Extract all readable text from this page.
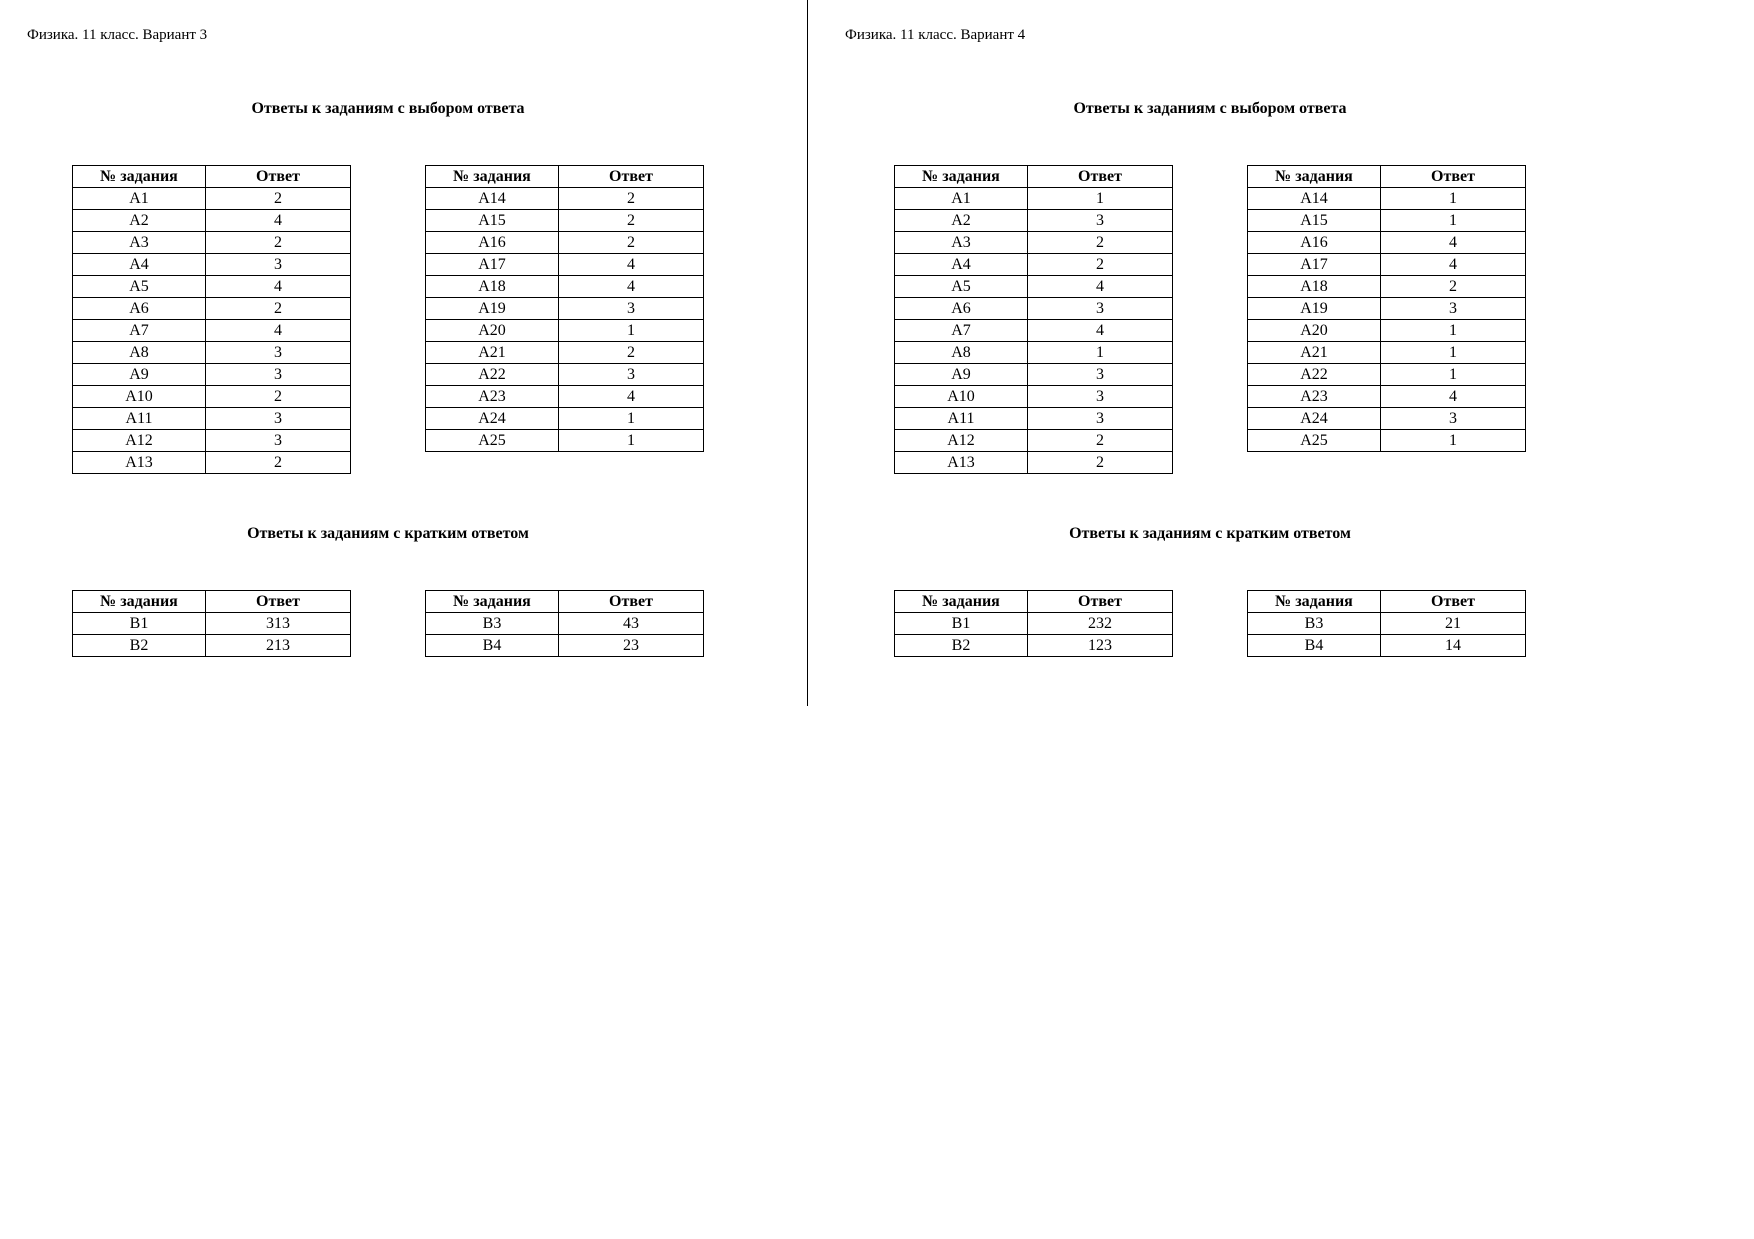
Физика. 11 класс. Вариант 3
Ответы к заданиям с выбором ответа
№ задания	Ответ
А1	2
А2	4
А3	2
А4	3
А5	4
А6	2
А7	4
А8	3
А9	3
А10	2
А11	3
А12	3
А13	2
№ задания	Ответ
А14	2
А15	2
А16	2
А17	4
А18	4
А19	3
А20	1
А21	2
А22	3
А23	4
А24	1
А25	1
Ответы к заданиям с кратким ответом
№ задания	Ответ
В1	313
В2	213
№ задания	Ответ
В3	43
В4	23
Физика. 11 класс. Вариант 4
Ответы к заданиям с выбором ответа
№ задания	Ответ
А1	1
А2	3
А3	2
А4	2
А5	4
А6	3
А7	4
А8	1
А9	3
А10	3
А11	3
А12	2
А13	2
№ задания	Ответ
А14	1
А15	1
А16	4
А17	4
А18	2
А19	3
А20	1
А21	1
А22	1
А23	4
А24	3
А25	1
Ответы к заданиям с кратким ответом
№ задания	Ответ
В1	232
В2	123
№ задания	Ответ
В3	21
В4	14
